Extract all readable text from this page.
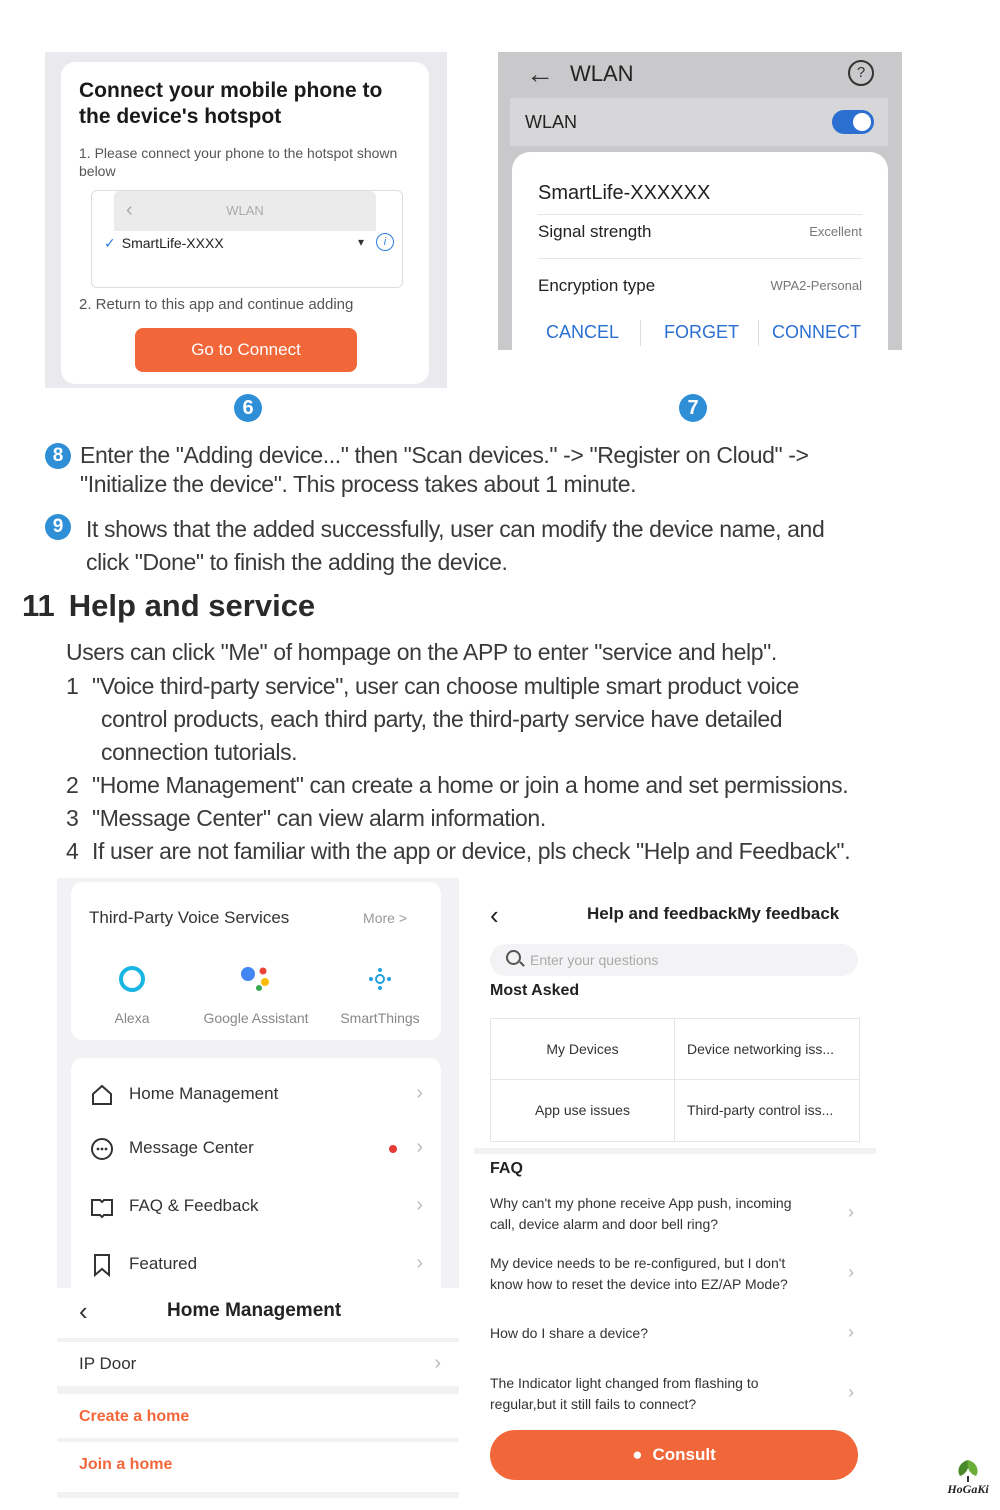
Connect your mobile phone to the device's hotspot
1. Please connect your phone to the hotspot shown below
‹	WLAN
✓ SmartLife-XXXX	▾	i
2. Return to this app and continue adding
Go to Connect
6
← WLAN	?
WLAN
SmartLife-XXXXXX
Signal strength	Excellent
Encryption type	WPA2-Personal
CANCEL FORGET CONNECT
7
8 Enter the "Adding device..." then "Scan devices." -> "Register on Cloud" ->
"Initialize the device". This process takes about 1 minute.
9 It shows that the added successfully, user can modify the device name, and
click "Done" to finish the adding the device.
11 Help and service
Users can click "Me" of hompage on the APP to enter "service and help".
1 "Voice third-party service", user can choose multiple smart product voice
control products, each third party, the third-party service have detailed
connection tutorials.
2 "Home Management" can create a home or join a home and set permissions.
3 "Message Center" can view alarm information.
4 If user are not familiar with the app or device, pls check "Help and Feedback".
Third-Party Voice Services	More >
Alexa	Google Assistant	SmartThings
Home Management	›
Message Center	›
FAQ & Feedback	›
Featured	›
‹	Home Management
IP Door	›
Create a home
Join a home
‹	Help and feedbackMy feedback
Enter your questions
Most Asked
My Devices	Device networking iss...
App use issues	Third-party control iss...
FAQ
Why can't my phone receive App push, incoming call, device alarm and door bell ring?
›
My device needs to be re-configured, but I don't know how to reset the device into EZ/AP Mode?
›
How do I share a device?	›
The Indicator light changed from flashing to regular,but it still fails to connect?
›
● Consult
HoGaKi
